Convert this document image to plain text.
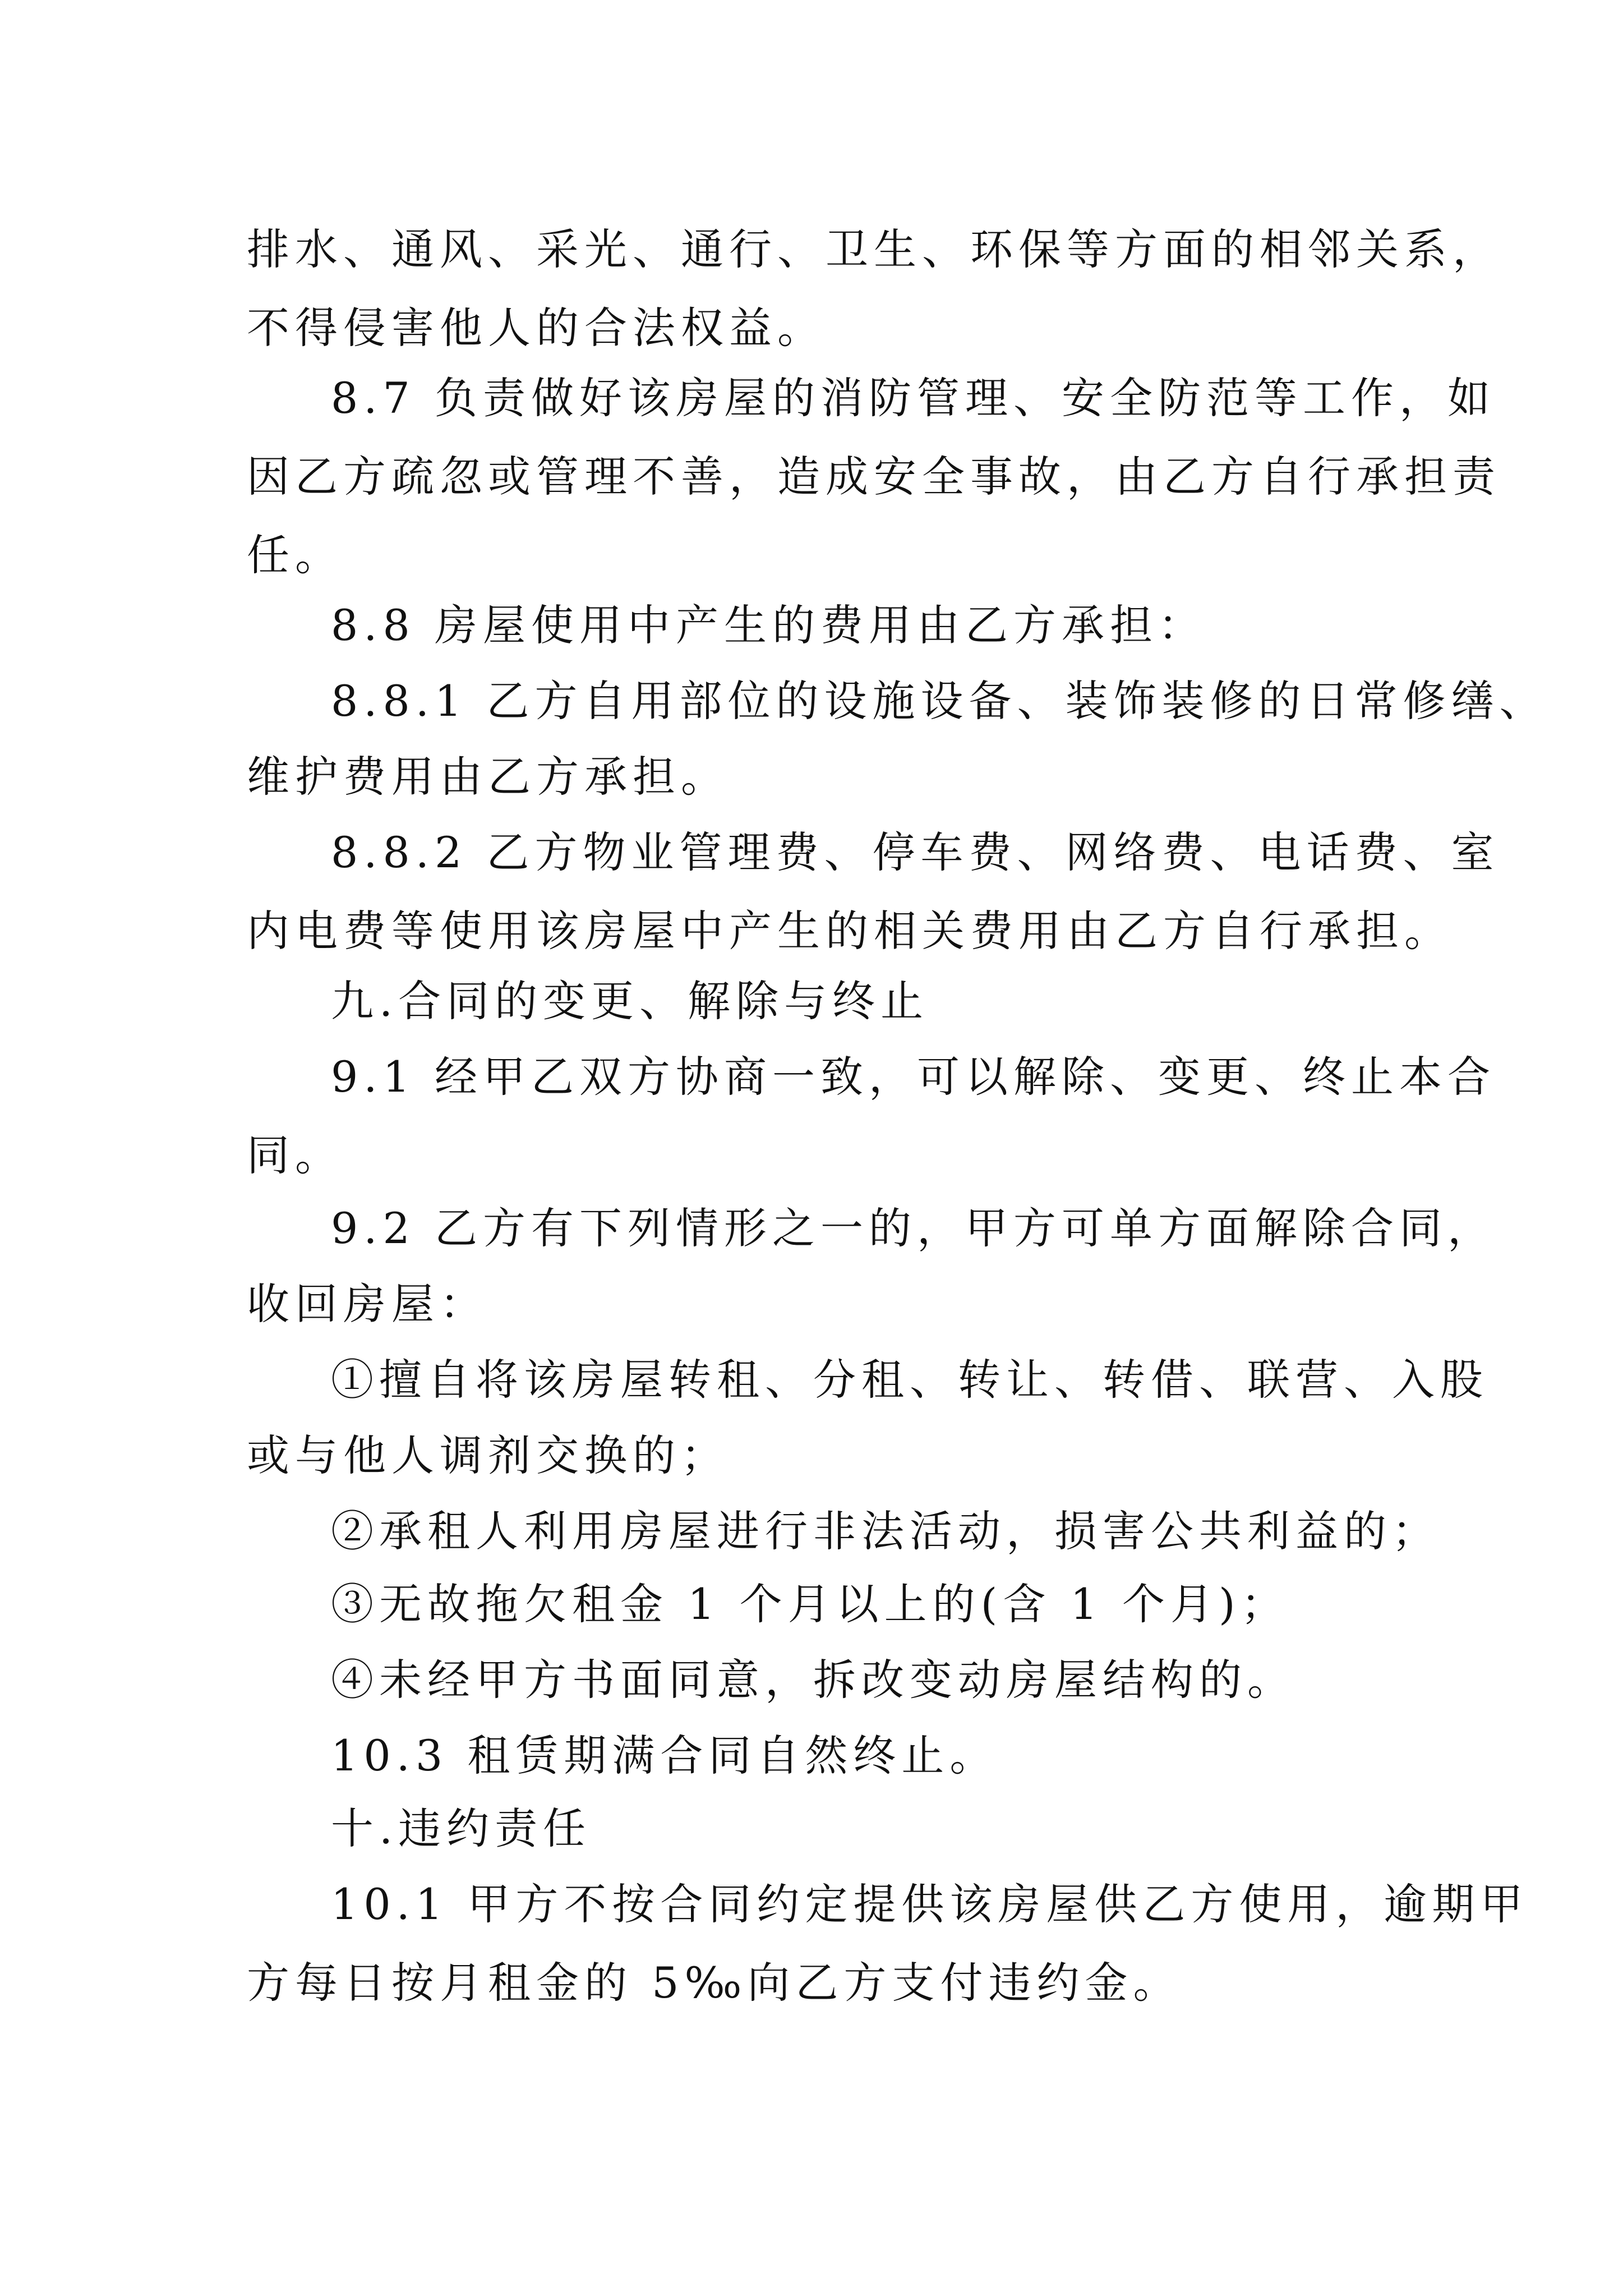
排水、通风、采光、通行、卫生、环保等方面的相邻关系，
不得侵害他人的合法权益。
8.7 负责做好该房屋的消防管理、安全防范等工作，如
因乙方疏忽或管理不善，造成安全事故，由乙方自行承担责
任。
8.8 房屋使用中产生的费用由乙方承担：
8.8.1 乙方自用部位的设施设备、装饰装修的日常修缮、
维护费用由乙方承担。
8.8.2 乙方物业管理费、停车费、网络费、电话费、室
内电费等使用该房屋中产生的相关费用由乙方自行承担。
九.合同的变更、解除与终止
9.1 经甲乙双方协商一致，可以解除、变更、终止本合
同。
9.2 乙方有下列情形之一的，甲方可单方面解除合同，
收回房屋：
①擅自将该房屋转租、分租、转让、转借、联营、入股
或与他人调剂交换的；
②承租人利用房屋进行非法活动，损害公共利益的；
③无故拖欠租金 1 个月以上的(含 1 个月)；
④未经甲方书面同意，拆改变动房屋结构的。
10.3 租赁期满合同自然终止。
十.违约责任
10.1 甲方不按合同约定提供该房屋供乙方使用，逾期甲
方每日按月租金的 5‰向乙方支付违约金。
